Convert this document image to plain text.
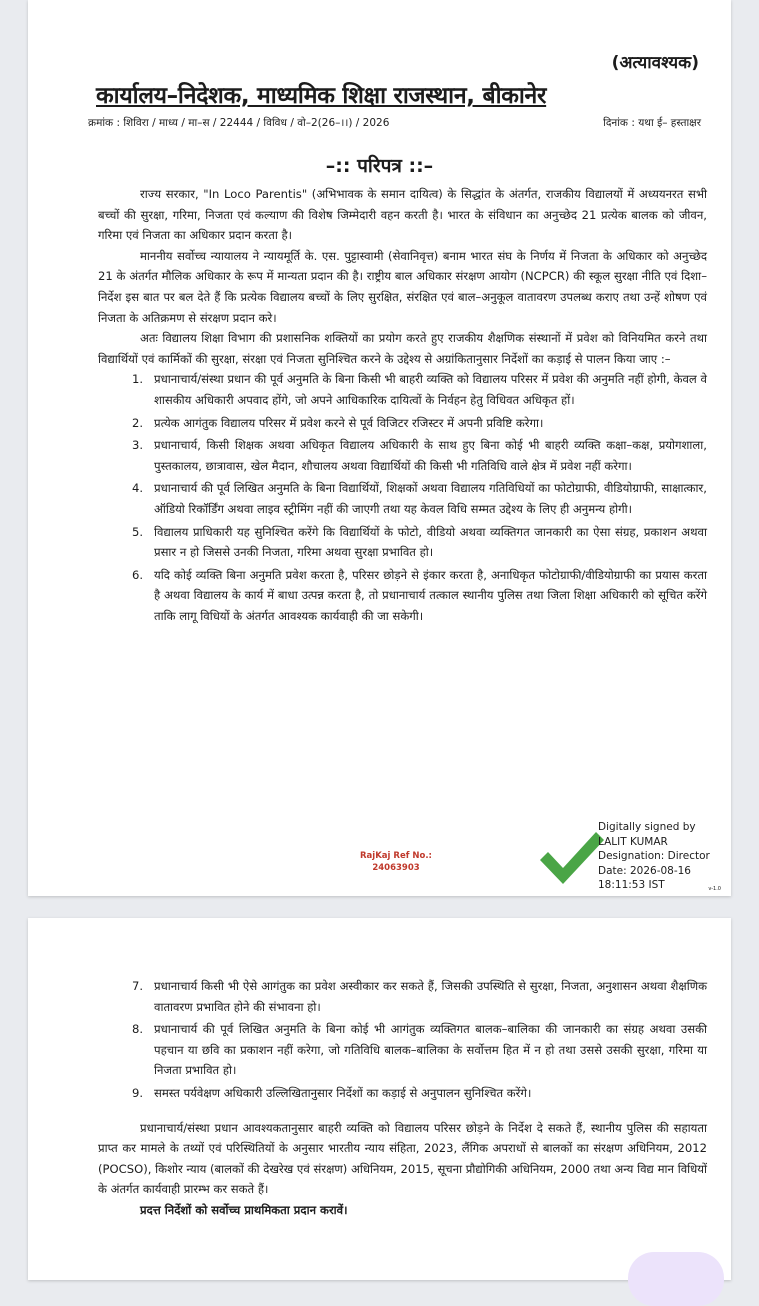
(अत्यावश्यक)
कार्यालय–निदेशक, माध्यमिक शिक्षा राजस्थान, बीकानेर
क्रमांक : शिविरा / माध्य / मा–स / 22444 / विविध / वो–2(26–।।) / 2026	दिनांक : यथा ई– हस्ताक्षर
–:: परिपत्र ::–

राज्य सरकार, "In Loco Parentis" (अभिभावक के समान दायित्व) के सिद्धांत के अंतर्गत, राजकीय विद्यालयों में अध्ययनरत सभी बच्चों की सुरक्षा, गरिमा, निजता एवं कल्याण की विशेष जिम्मेदारी वहन करती है। भारत के संविधान का अनुच्छेद 21 प्रत्येक बालक को जीवन, गरिमा एवं निजता का अधिकार प्रदान करता है।

माननीय सर्वोच्च न्यायालय ने न्यायमूर्ति के. एस. पुट्टास्वामी (सेवानिवृत्त) बनाम भारत संघ के निर्णय में निजता के अधिकार को अनुच्छेद 21 के अंतर्गत मौलिक अधिकार के रूप में मान्यता प्रदान की है। राष्ट्रीय बाल अधिकार संरक्षण आयोग (NCPCR) की स्कूल सुरक्षा नीति एवं दिशा–निर्देश इस बात पर बल देते हैं कि प्रत्येक विद्यालय बच्चों के लिए सुरक्षित, संरक्षित एवं बाल–अनुकूल वातावरण उपलब्ध कराए तथा उन्हें शोषण एवं निजता के अतिक्रमण से संरक्षण प्रदान करे।

अतः विद्यालय शिक्षा विभाग की प्रशासनिक शक्तियों का प्रयोग करते हुए राजकीय शैक्षणिक संस्थानों में प्रवेश को विनियमित करने तथा विद्यार्थियों एवं कार्मिकों की सुरक्षा, संरक्षा एवं निजता सुनिश्चित करने के उद्देश्य से अग्रांकितानुसार निर्देशों का कड़ाई से पालन किया जाए :–

1. प्रधानाचार्य/संस्था प्रधान की पूर्व अनुमति के बिना किसी भी बाहरी व्यक्ति को विद्यालय परिसर में प्रवेश की अनुमति नहीं होगी, केवल वे शासकीय अधिकारी अपवाद होंगे, जो अपने आधिकारिक दायित्वों के निर्वहन हेतु विधिवत अधिकृत हों।
2. प्रत्येक आगंतुक विद्यालय परिसर में प्रवेश करने से पूर्व विजिटर रजिस्टर में अपनी प्रविष्टि करेगा।
3. प्रधानाचार्य, किसी शिक्षक अथवा अधिकृत विद्यालय अधिकारी के साथ हुए बिना कोई भी बाहरी व्यक्ति कक्षा–कक्ष, प्रयोगशाला, पुस्तकालय, छात्रावास, खेल मैदान, शौचालय अथवा विद्यार्थियों की किसी भी गतिविधि वाले क्षेत्र में प्रवेश नहीं करेगा।
4. प्रधानाचार्य की पूर्व लिखित अनुमति के बिना विद्यार्थियों, शिक्षकों अथवा विद्यालय गतिविधियों का फोटोग्राफी, वीडियोग्राफी, साक्षात्कार, ऑडियो रिकॉर्डिंग अथवा लाइव स्ट्रीमिंग नहीं की जाएगी तथा यह केवल विधि सम्मत उद्देश्य के लिए ही अनुमन्य होगी।
5. विद्यालय प्राधिकारी यह सुनिश्चित करेंगे कि विद्यार्थियों के फोटो, वीडियो अथवा व्यक्तिगत जानकारी का ऐसा संग्रह, प्रकाशन अथवा प्रसार न हो जिससे उनकी निजता, गरिमा अथवा सुरक्षा प्रभावित हो।
6. यदि कोई व्यक्ति बिना अनुमति प्रवेश करता है, परिसर छोड़ने से इंकार करता है, अनाधिकृत फोटोग्राफी/वीडियोग्राफी का प्रयास करता है अथवा विद्यालय के कार्य में बाधा उत्पन्न करता है, तो प्रधानाचार्य तत्काल स्थानीय पुलिस तथा जिला शिक्षा अधिकारी को सूचित करेंगे ताकि लागू विधियों के अंतर्गत आवश्यक कार्यवाही की जा सकेगी।
RajKaj Ref No.:
24063903
Digitally signed by
LALIT KUMAR
Designation: Director
Date: 2026-08-16
18:11:53 IST	v-1.0
7. प्रधानाचार्य किसी भी ऐसे आगंतुक का प्रवेश अस्वीकार कर सकते हैं, जिसकी उपस्थिति से सुरक्षा, निजता, अनुशासन अथवा शैक्षणिक वातावरण प्रभावित होने की संभावना हो।
8. प्रधानाचार्य की पूर्व लिखित अनुमति के बिना कोई भी आगंतुक व्यक्तिगत बालक–बालिका की जानकारी का संग्रह अथवा उसकी पहचान या छवि का प्रकाशन नहीं करेगा, जो गतिविधि बालक–बालिका के सर्वोत्तम हित में न हो तथा उससे उसकी सुरक्षा, गरिमा या निजता प्रभावित हो।
9. समस्त पर्यवेक्षण अधिकारी उल्लिखितानुसार निर्देशों का कड़ाई से अनुपालन सुनिश्चित करेंगे।

प्रधानाचार्य/संस्था प्रधान आवश्यकतानुसार बाहरी व्यक्ति को विद्यालय परिसर छोड़ने के निर्देश दे सकते हैं, स्थानीय पुलिस की सहायता प्राप्त कर मामले के तथ्यों एवं परिस्थितियों के अनुसार भारतीय न्याय संहिता, 2023, लैंगिक अपराधों से बालकों का संरक्षण अधिनियम, 2012 (POCSO), किशोर न्याय (बालकों की देखरेख एवं संरक्षण) अधिनियम, 2015, सूचना प्रौद्योगिकी अधिनियम, 2000 तथा अन्य विद्य मान विधियों के अंतर्गत कार्यवाही प्रारम्भ कर सकते हैं।

प्रदत्त निर्देशों को सर्वोच्च प्राथमिकता प्रदान करावें।
